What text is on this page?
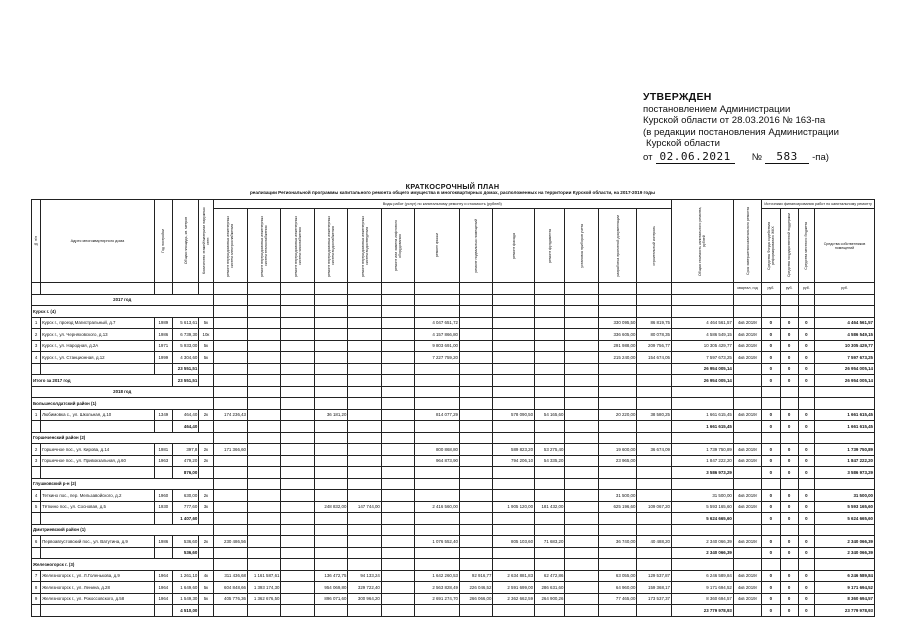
УТВЕРЖДЕН
постановлением Администрации
Курской области от 28.03.2016 № 163-па
(в редакции постановления Администрации
Курской области
от 02.06.2021	№	583	-па)
КРАТКОСРОЧНЫЙ ПЛАН
реализации Региональной программы капитального ремонта общего имущества в многоквартирных домах, расположенных на территории Курской области, на 2017-2019 годы
№ п/п	Адрес многоквартирного дома	Год постройки	Общая площадь, кв. метров	Количество этажей/материал наружных стен	Виды работ (услуг) по капитальному ремонту и стоимость (рублей)													Общая стоимость капитального ремонта, рублей	Срок завершения капитального ремонта	Источники финансирования работ по капитальному ремонту			

					ремонт внутридомовых инженерных систем электроснабжения	ремонт внутридомовых инженерных систем теплоснабжения	ремонт внутридомовых инженерных систем газоснабжения	ремонт внутридомовых инженерных систем водоснабжения	ремонт внутридомовых инженерных систем водоотведения	ремонт или замена лифтового оборудования	ремонт крыши	ремонт подвальных помещений	ремонт фасада	ремонт фундамента	установка приборов учета	разработка проектной документации	строительный контроль			Средства Фонда содействия реформированию ЖКХ	Средства государственной поддержки	Средства местного бюджета	Средства собственников помещений
																			квартал, год	руб.	руб.	руб.	руб.
2017 год																							
Курск г. (4)																							
1	Курск г., проезд Магистральный, д.7	1989	5 613,61	5к							4 047 651,72					330 095,50	86 819,75	4 464 561,57	4кв 2019г	0	0	0	4 464 561,57
2	Курск г., ул. Черняховского, д.13	1986	6 739,30	10к							4 157 866,80					336 605,00	80 078,35	4 586 549,15	4кв 2019г	0	0	0	4 586 549,15
3	Курск г., ул. Народная, д.2А	1971	5 933,00	5к							9 803 691,00					291 988,00	209 756,77	10 305 429,77	4кв 2019г	0	0	0	10 305 429,77
4	Курск г., ул. Станционная, д.12	1999	4 304,60	5к							7 227 759,20					215 240,00	154 674,05	7 597 673,25	4кв 2019г	0	0	0	7 597 673,25
			23 551,51															26 954 005,14		0	0	0	26 954 005,14
Итого за 2017 год			23 551,51															26 954 005,14		0	0	0	26 954 005,14
2018 год																							
Большесолдатский район (1)																							
1	Любимовка с., ул. Школьная, д.10	1349	464,40	2к	174 236,43			36 181,20			814 077,29		578 090,50	54 165,60		20 220,00	38 580,25	1 661 615,45	4кв 2019г	0	0	0	1 661 615,45
			464,40															1 661 615,45		0	0	0	1 661 615,45
Горшеченский район (2)																							
2	Горшечное пос., ул. Кирова, д.14	1981	397,8	2к	171 366,60						800 868,80		589 823,20	53 275,40		19 600,00	36 674,09	1 739 750,89	4кв 2019г	0	0	0	1 739 750,89
3	Горшечное пос., ул. Привокзальная, д.60	1963	479,20	2к							964 873,90		794 206,10	54 335,20		23 965,00		1 847 222,20	4кв 2019г	0	0	0	1 847 222,20
			876,00															3 586 973,29		0	0	0	3 586 973,29
Глушковский р-н (2)																							
4	Теткино пос., пер. Мельзавойского, д.2	1960	630,00	2к												31 500,00		31 500,00	4кв 2019г	0	0	0	31 500,00
5	Тёткино пос., ул. Сосновая, д.5	1930	777,60	3к				248 832,00	147 744,00		2 416 560,00		1 905 120,00	181 432,00		625 196,60	109 067,20	5 593 165,60	4кв 2019г	0	0	0	5 593 165,60
			1 407,60															5 624 665,60		0	0	0	5 624 665,60
Дмитриевский район (1)																							
6	Первоавгустовский пос., ул. Ватутина, д.9	1986	536,60	2к	230 486,56						1 076 552,40		805 103,60	71 683,20		36 740,00	40 488,20	2 340 066,39	4кв 2019г	0	0	0	2 340 066,39
			536,60															2 340 066,39		0	0	0	2 340 066,39
Железногорск г. (3)																							
7	Железногорск г., ул. Л.Голенькова, д.9	1964	1 261,10	4к	311 436,68	1 161 587,61		136 472,75	94 133,24		1 642 260,53	92 916,77	2 634 881,83	62 472,86		63 055,00	129 537,87	6 246 589,84	4кв 2019г	0	0	0	6 246 589,84
8	Железногорск г., ул. Ленина, д.28	1964	1 649,60	5к	604 848,66	1 393 174,30		954 069,80	329 722,40		2 563 828,49	226 046,52	2 591 699,00	286 631,60		64 960,00	159 368,17	9 171 694,52	4кв 2019г	0	0	0	9 171 694,52
9	Железногорск г., ул. Рокоссовского, д.58	1964	1 549,30	5к	405 776,36	1 362 676,50		896 071,60	300 964,20		2 691 274,70	266 066,00	2 362 662,59	264 900,26		77 465,00	173 537,37	8 360 694,57	4кв 2019г	0	0	0	8 360 694,57
			4 510,00															23 779 978,93		0	0	0	23 779 978,93
